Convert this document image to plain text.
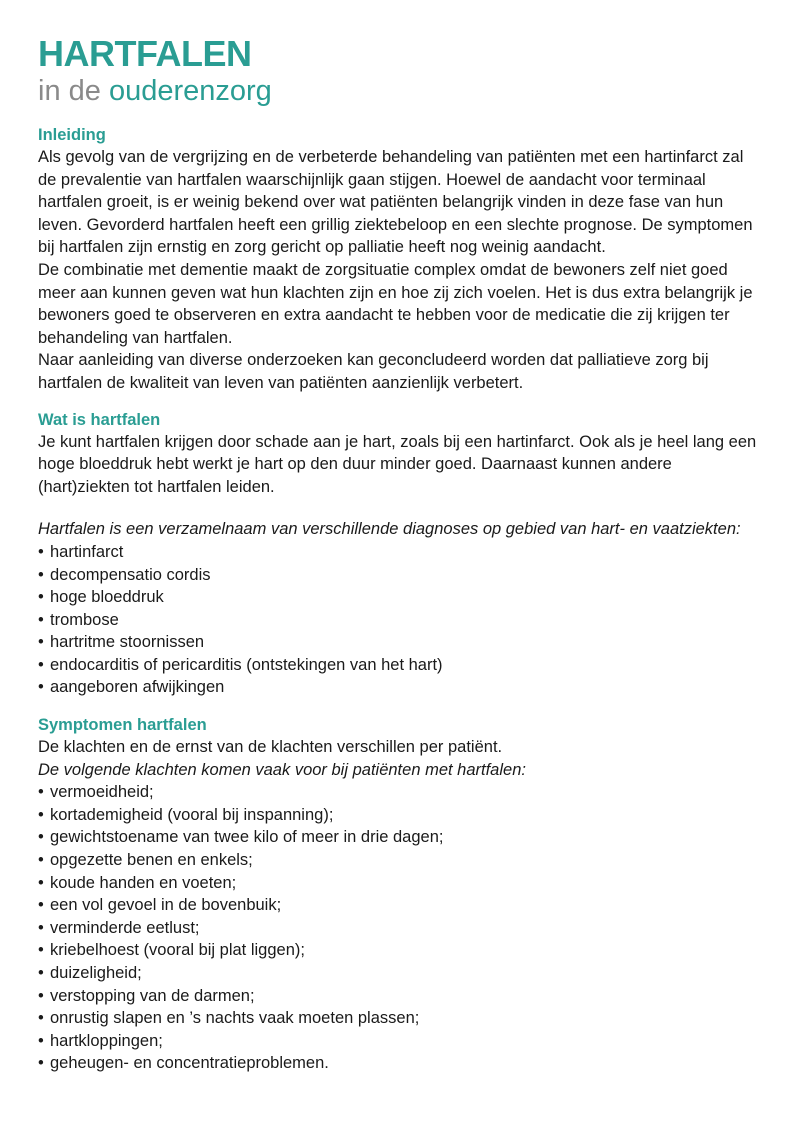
HARTFALEN
in de ouderenzorg
Inleiding

Als gevolg van de vergrijzing en de verbeterde behandeling van patiënten met een hartinfarct zal de prevalentie van hartfalen waarschijnlijk gaan stijgen. Hoewel de aandacht voor terminaal hartfalen groeit, is er weinig bekend over wat patiënten belangrijk vinden in deze fase van hun leven. Gevorderd hartfalen heeft een grillig ziektebeloop en een slechte prognose. De symptomen bij hartfalen zijn ernstig en zorg gericht op palliatie heeft nog weinig aandacht.

De combinatie met dementie maakt de zorgsituatie complex omdat de bewoners zelf niet goed meer aan kunnen geven wat hun klachten zijn en hoe zij zich voelen. Het is dus extra belangrijk je bewoners goed te observeren en extra aandacht te hebben voor de medicatie die zij krijgen ter behandeling van hartfalen.

Naar aanleiding van diverse onderzoeken kan geconcludeerd worden dat palliatieve zorg bij hartfalen de kwaliteit van leven van patiënten aanzienlijk verbetert.

Wat is hartfalen

Je kunt hartfalen krijgen door schade aan je hart, zoals bij een hartinfarct. Ook als je heel lang een hoge bloeddruk hebt werkt je hart op den duur minder goed. Daarnaast kunnen andere (hart)ziekten tot hartfalen leiden.

Hartfalen is een verzamelnaam van verschillende diagnoses op gebied van hart- en vaatziekten:

• hartinfarct
• decompensatio cordis
• hoge bloeddruk
• trombose
• hartritme stoornissen
• endocarditis of pericarditis (ontstekingen van het hart)
• aangeboren afwijkingen
Symptomen hartfalen

De klachten en de ernst van de klachten verschillen per patiënt.

De volgende klachten komen vaak voor bij patiënten met hartfalen:

• vermoeidheid;
• kortademigheid (vooral bij inspanning);
• gewichtstoename van twee kilo of meer in drie dagen;
• opgezette benen en enkels;
• koude handen en voeten;
• een vol gevoel in de bovenbuik;
• verminderde eetlust;
• kriebelhoest (vooral bij plat liggen);
• duizeligheid;
• verstopping van de darmen;
• onrustig slapen en ’s nachts vaak moeten plassen;
• hartkloppingen;
• geheugen- en concentratieproblemen.
